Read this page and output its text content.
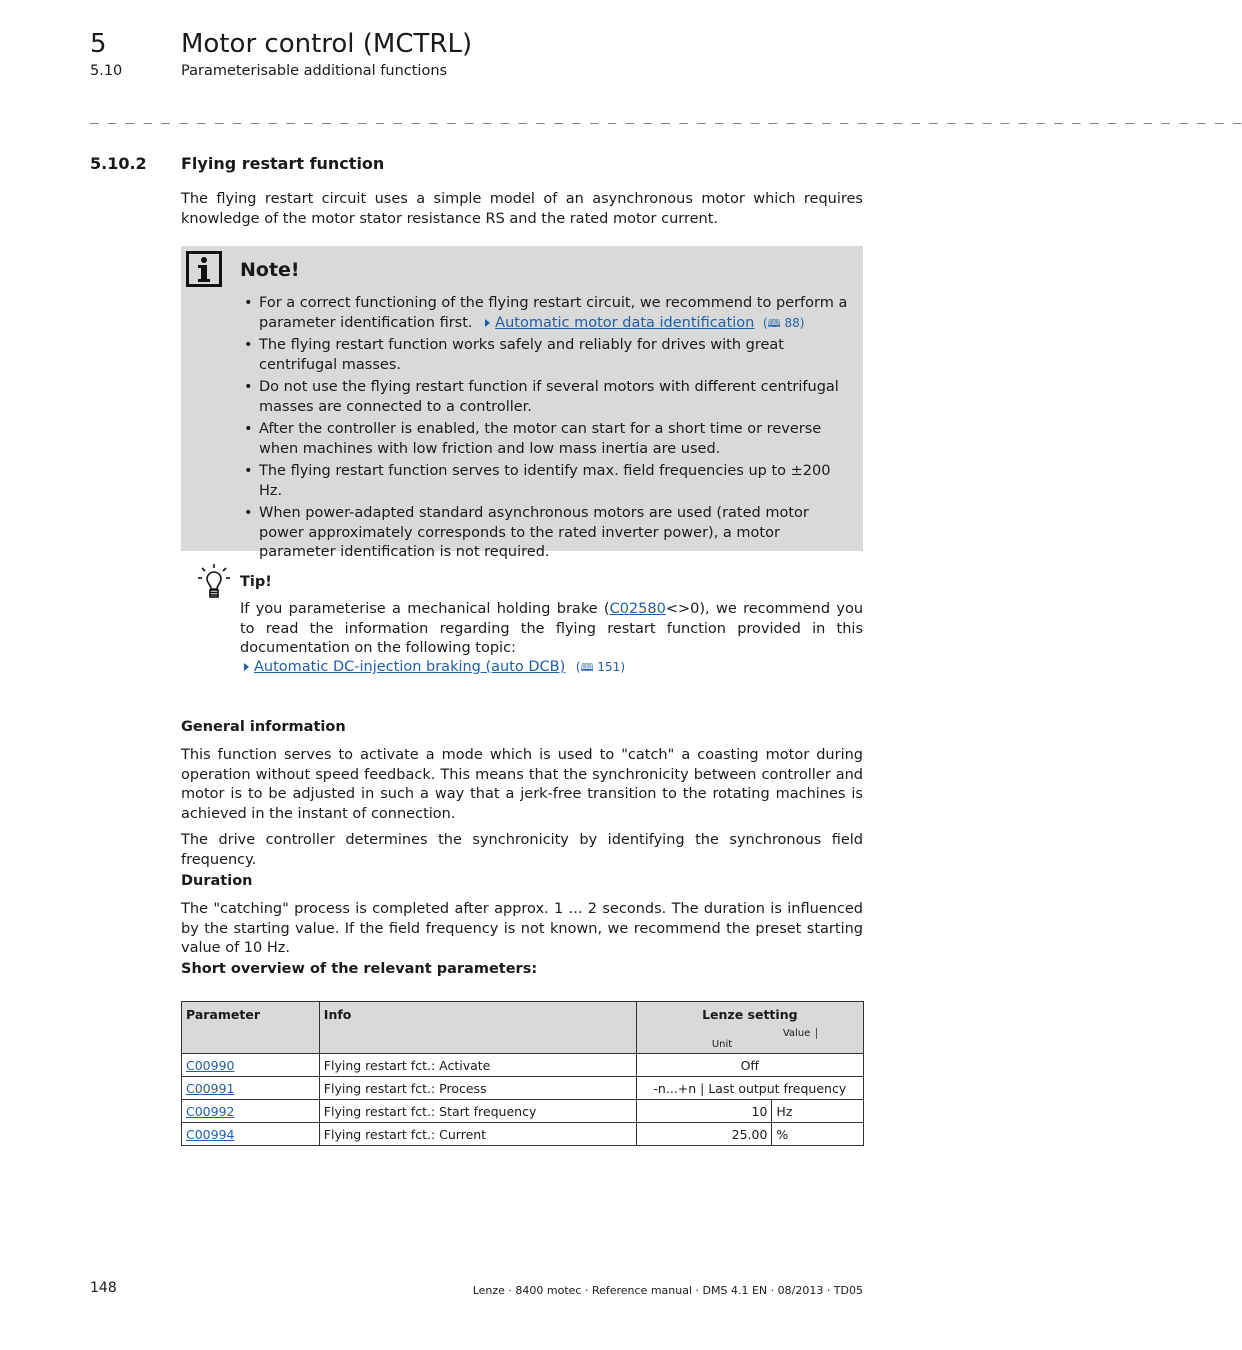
5	Motor control (MCTRL)
5.10	Parameterisable additional functions
_ _ _ _ _ _ _ _ _ _ _ _ _ _ _ _ _ _ _ _ _ _ _ _ _ _ _ _ _ _ _ _ _ _ _ _ _ _ _ _ _ _ _ _ _ _ _ _ _ _ _ _ _ _ _ _ _ _ _ _ _ _ _ _ _
5.10.2 Flying restart function
The flying restart circuit uses a simple model of an asynchronous motor which requires knowledge of the motor stator resistance RS and the rated motor current.
Note!
• For a correct functioning of the flying restart circuit, we recommend to perform a parameter identification first. Automatic motor data identification (🕮 88)
• The flying restart function works safely and reliably for drives with great centrifugal masses.
• Do not use the flying restart function if several motors with different centrifugal masses are connected to a controller.
• After the controller is enabled, the motor can start for a short time or reverse when machines with low friction and low mass inertia are used.
• The flying restart function serves to identify max. field frequencies up to ±200 Hz.
• When power-adapted standard asynchronous motors are used (rated motor power approximately corresponds to the rated inverter power), a motor parameter identification is not required.
Tip!
If you parameterise a mechanical holding brake (C02580<>0), we recommend you to read the information regarding the flying restart function provided in this documentation on the following topic:
Automatic DC-injection braking (auto DCB) (🕮 151)
General information
This function serves to activate a mode which is used to "catch" a coasting motor during operation without speed feedback. This means that the synchronicity between controller and motor is to be adjusted in such a way that a jerk-free transition to the rotating machines is achieved in the instant of connection.
The drive controller determines the synchronicity by identifying the synchronous field frequency.
Duration
The "catching" process is completed after approx. 1 ... 2 seconds. The duration is influenced by the starting value. If the field frequency is not known, we recommend the preset starting value of 10 Hz.
Short overview of the relevant parameters:
Parameter	Info	Lenze setting
ValueUnit	

C00990	Flying restart fct.: Activate	Off	
C00991	Flying restart fct.: Process	-n...+n | Last output frequency	
C00992	Flying restart fct.: Start frequency	10	Hz
C00994	Flying restart fct.: Current	25.00	%
148	Lenze · 8400 motec · Reference manual · DMS 4.1 EN · 08/2013 · TD05
